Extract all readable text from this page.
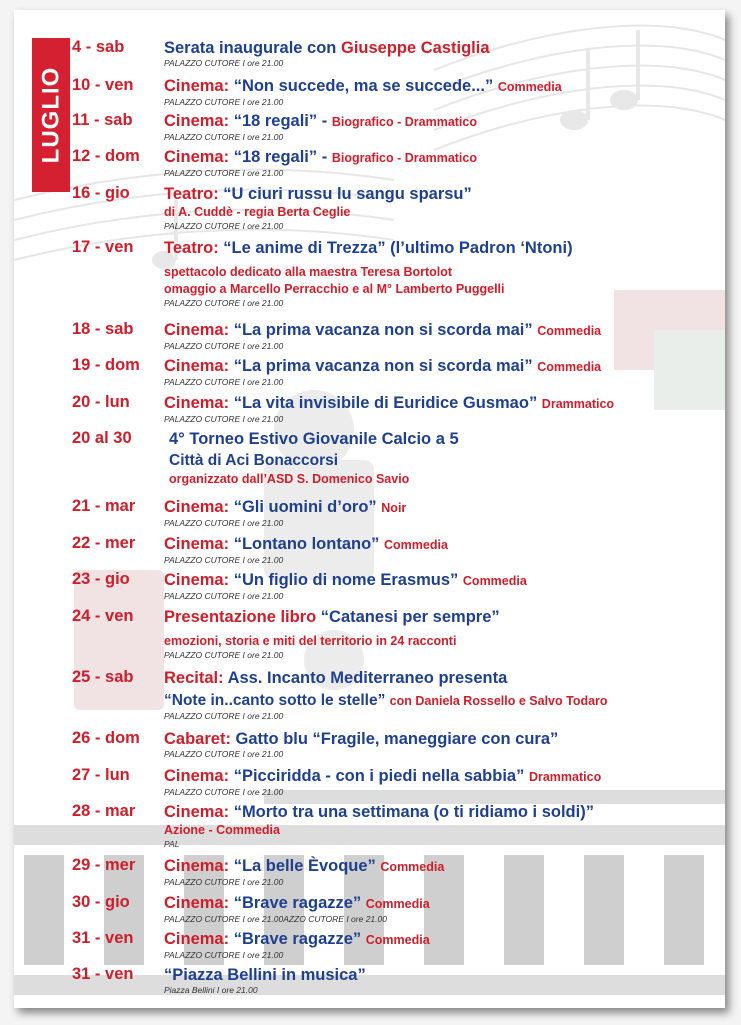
LUGLIO
4 - sab Serata inaugurale con Giuseppe Castiglia
PALAZZO CUTORE I ore 21.00
10 - ven Cinema: “Non succede, ma se succede...” Commedia
PALAZZO CUTORE I ore 21.00
11 - sab Cinema: “18 regali” - Biografico - Drammatico
PALAZZO CUTORE I ore 21.00
12 - dom Cinema: “18 regali” - Biografico - Drammatico
PALAZZO CUTORE I ore 21.00
16 - gio Teatro: “U ciuri russu lu sangu sparsu”
di A. Cuddè - regia Berta Ceglie
PALAZZO CUTORE I ore 21.00
17 - ven Teatro: “Le anime di Trezza” (l’ultimo Padron ‘Ntoni)
spettacolo dedicato alla maestra Teresa Bortolot
omaggio a Marcello Perracchio e al M° Lamberto Puggelli
PALAZZO CUTORE I ore 21.00
18 - sab Cinema: “La prima vacanza non si scorda mai” Commedia
PALAZZO CUTORE I ore 21.00
19 - dom Cinema: “La prima vacanza non si scorda mai” Commedia
PALAZZO CUTORE I ore 21.00
20 - lun Cinema: “La vita invisibile di Euridice Gusmao” Drammatico
PALAZZO CUTORE I ore 21.00
20 al 30 4° Torneo Estivo Giovanile Calcio a 5
Città di Aci Bonaccorsi
organizzato dall’ASD S. Domenico Savio
21 - mar Cinema: “Gli uomini d’oro” Noir
PALAZZO CUTORE I ore 21.00
22 - mer Cinema: “Lontano lontano” Commedia
PALAZZO CUTORE I ore 21.00
23 - gio Cinema: “Un figlio di nome Erasmus” Commedia
PALAZZO CUTORE I ore 21.00
24 - ven Presentazione libro “Catanesi per sempre”
emozioni, storia e miti del territorio in 24 racconti
PALAZZO CUTORE I ore 21.00
25 - sab Recital: Ass. Incanto Mediterraneo presenta
“Note in..canto sotto le stelle” con Daniela Rossello e Salvo Todaro
PALAZZO CUTORE I ore 21.00
26 - dom Cabaret: Gatto blu “Fragile, maneggiare con cura”
PALAZZO CUTORE I ore 21.00
27 - lun Cinema: “Picciridda - con i piedi nella sabbia” Drammatico
PALAZZO CUTORE I ore 21.00
28 - mar Cinema: “Morto tra una settimana (o ti ridiamo i soldi)”
Azione - Commedia
PAL
29 - mer Cinema: “La belle Èvoque” Commedia
PALAZZO CUTORE I ore 21.00
30 - gio Cinema: “Brave ragazze” Commedia
PALAZZO CUTORE I ore 21.00AZZO CUTORE I ore 21.00
31 - ven Cinema: “Brave ragazze” Commedia
PALAZZO CUTORE I ore 21.00
31 - ven “Piazza Bellini in musica”
Piazza Bellini I ore 21.00
